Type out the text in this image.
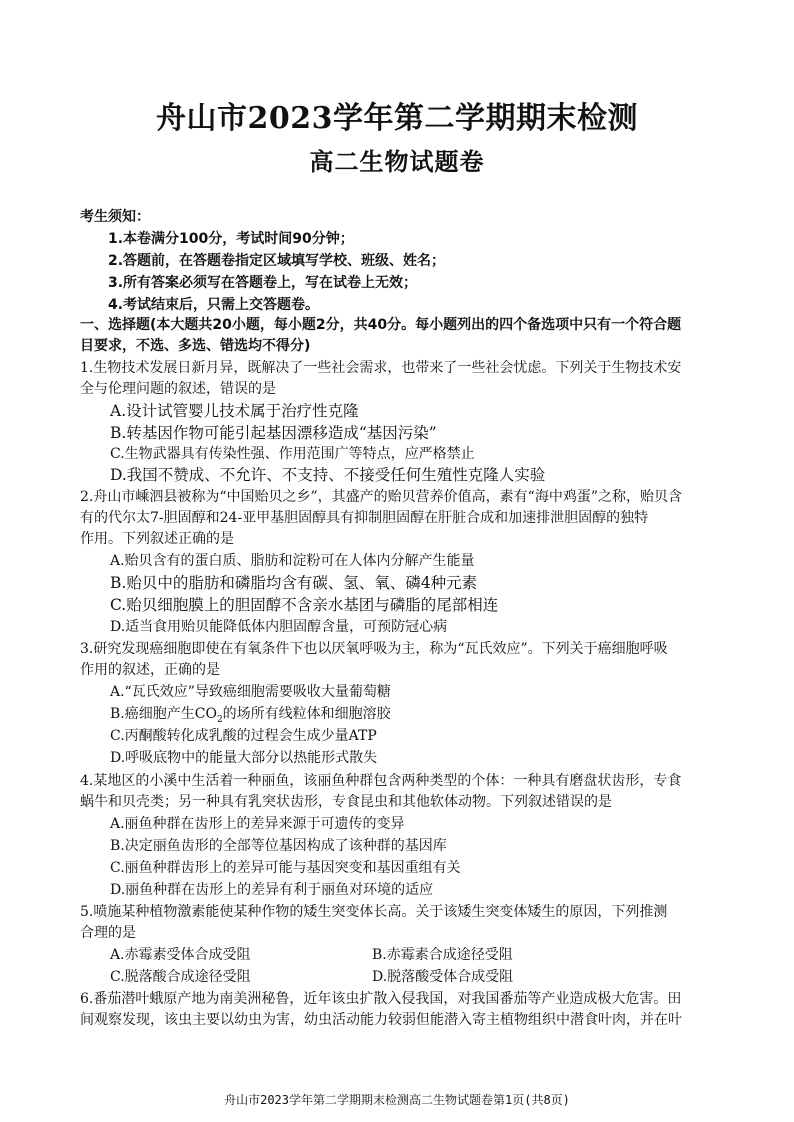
舟山市2023学年第二学期期末检测
高二生物试题卷
考生须知：
1.本卷满分100分，考试时间90分钟；
2.答题前，在答题卷指定区域填写学校、班级、姓名；
3.所有答案必须写在答题卷上，写在试卷上无效；
4.考试结束后，只需上交答题卷。
一、选择题(本大题共20小题，每小题2分，共40分。每小题列出的四个备选项中只有一个符合题
目要求，不选、多选、错选均不得分)
1.生物技术发展日新月异，既解决了一些社会需求，也带来了一些社会忧虑。下列关于生物技术安
全与伦理问题的叙述，错误的是
A.设计试管婴儿技术属于治疗性克隆
B.转基因作物可能引起基因漂移造成“基因污染”
C.生物武器具有传染性强、作用范围广等特点，应严格禁止
D.我国不赞成、不允许、不支持、不接受任何生殖性克隆人实验
2.舟山市嵊泗县被称为“中国贻贝之乡”，其盛产的贻贝营养价值高，素有“海中鸡蛋”之称，贻贝含
有的代尔太7-胆固醇和24-亚甲基胆固醇具有抑制胆固醇在肝脏合成和加速排泄胆固醇的独特
作用。下列叙述正确的是
A.贻贝含有的蛋白质、脂肪和淀粉可在人体内分解产生能量
B.贻贝中的脂肪和磷脂均含有碳、氢、氧、磷4种元素
C.贻贝细胞膜上的胆固醇不含亲水基团与磷脂的尾部相连
D.适当食用贻贝能降低体内胆固醇含量，可预防冠心病
3.研究发现癌细胞即使在有氧条件下也以厌氧呼吸为主，称为“瓦氏效应”。下列关于癌细胞呼吸
作用的叙述，正确的是
A.“瓦氏效应”导致癌细胞需要吸收大量葡萄糖
B.癌细胞产生$CO_2$的场所有线粒体和细胞溶胶
C.丙酮酸转化成乳酸的过程会生成少量ATP
D.呼吸底物中的能量大部分以热能形式散失
4.某地区的小溪中生活着一种丽鱼，该丽鱼种群包含两种类型的个体：一种具有磨盘状齿形，专食
蜗牛和贝壳类；另一种具有乳突状齿形，专食昆虫和其他软体动物。下列叙述错误的是
A.丽鱼种群在齿形上的差异来源于可遗传的变异
B.决定丽鱼齿形的全部等位基因构成了该种群的基因库
C.丽鱼种群齿形上的差异可能与基因突变和基因重组有关
D.丽鱼种群在齿形上的差异有利于丽鱼对环境的适应
5.喷施某种植物激素能使某种作物的矮生突变体长高。关于该矮生突变体矮生的原因，下列推测
合理的是
A.赤霉素受体合成受阻	B.赤霉素合成途径受阻
C.脱落酸合成途径受阻	D.脱落酸受体合成受阻
6.番茄潜叶蛾原产地为南美洲秘鲁，近年该虫扩散入侵我国，对我国番茄等产业造成极大危害。田
间观察发现，该虫主要以幼虫为害，幼虫活动能力较弱但能潜入寄主植物组织中潜食叶肉，并在叶
舟山市2023学年第二学期期末检测高二生物试题卷第1页(共8页)
